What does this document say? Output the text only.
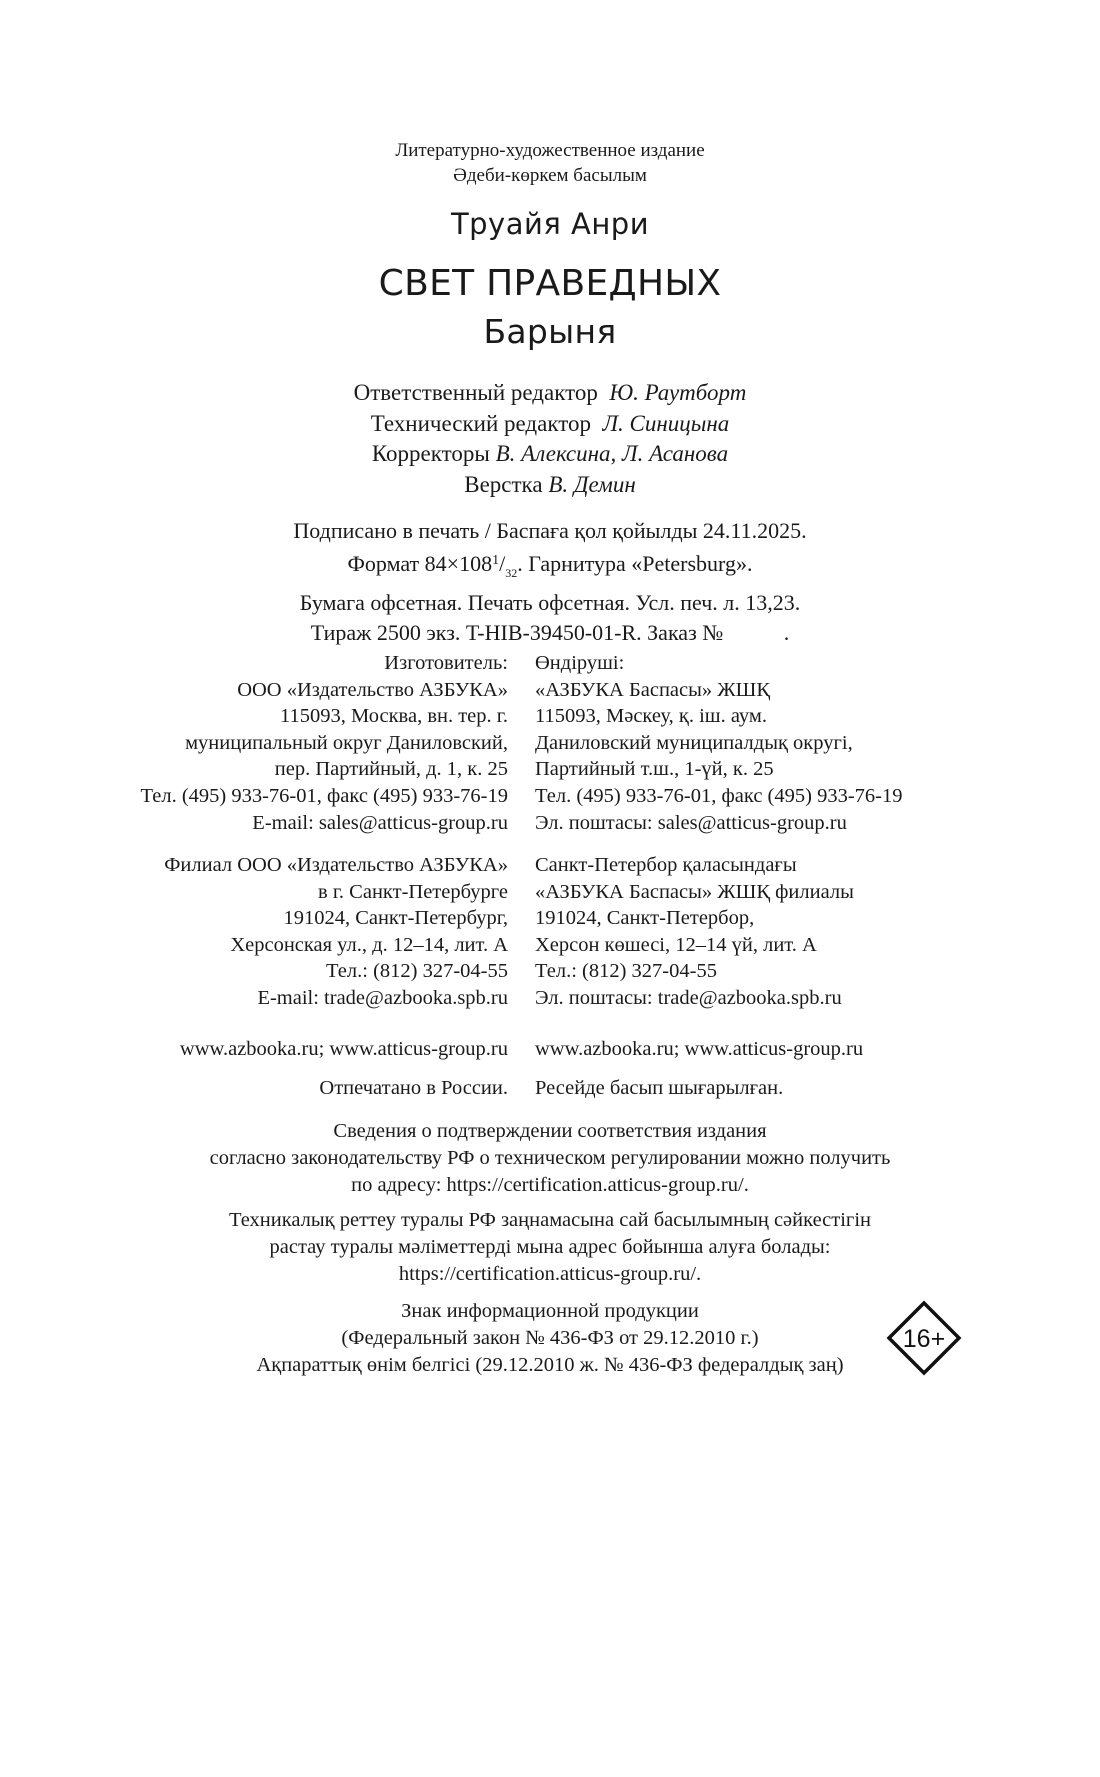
Литературно-художественное издание
Әдеби-көркем басылым
Труайя Анри
СВЕТ ПРАВЕДНЫХ
Барыня
Ответственный редактор Ю. Раутборт
Технический редактор Л. Синицына
Корректоры В. Алексина, Л. Асанова
Верстка В. Демин
Подписано в печать / Баспаға қол қойылды 24.11.2025.
Формат $84\times 108^1/_{32}$. Гарнитура «Petersburg».
Бумага офсетная. Печать офсетная. Усл. печ. л. 13,23.
Тираж 2500 экз. T-HIB-39450-01-R. Заказ №           .
Изготовитель:
ООО «Издательство АЗБУКА»
115093, Москва, вн. тер. г.
муниципальный округ Даниловский,
пер. Партийный, д. 1, к. 25
Тел. (495) 933-76-01, факс (495) 933-76-19
E-mail: sales@atticus-group.ru
Өндіруші:
«АЗБУКА Баспасы» ЖШҚ
115093, Мәскеу, қ. іш. аум.
Даниловский муниципалдық округі,
Партийный т.ш., 1-үй, к. 25
Тел. (495) 933-76-01, факс (495) 933-76-19
Эл. поштасы: sales@atticus-group.ru
Филиал ООО «Издательство АЗБУКА»
в г. Санкт-Петербурге
191024, Санкт-Петербург,
Херсонская ул., д. 12–14, лит. А
Тел.: (812) 327-04-55
E-mail: trade@azbooka.spb.ru
Санкт-Петербор қаласындағы
«АЗБУКА Баспасы» ЖШҚ филиалы
191024, Санкт-Петербор,
Херсон көшесі, 12–14 үй, лит. А
Тел.: (812) 327-04-55
Эл. поштасы: trade@azbooka.spb.ru
www.azbooka.ru; www.atticus-group.ru www.azbooka.ru; www.atticus-group.ru
Отпечатано в России. Ресейде басып шығарылған.
Сведения о подтверждении соответствия издания
согласно законодательству РФ о техническом регулировании можно получить
по адресу: https://certification.atticus-group.ru/.
Техникалық реттеу туралы РФ заңнамасына сай басылымның сәйкестігін
растау туралы мәліметтерді мына адрес бойынша алуға болады:
https://certification.atticus-group.ru/.
Знак информационной продукции
(Федеральный закон № 436-ФЗ от 29.12.2010 г.)
Ақпараттық өнім белгісі (29.12.2010 ж. № 436-ФЗ федералдық заң)
16+
